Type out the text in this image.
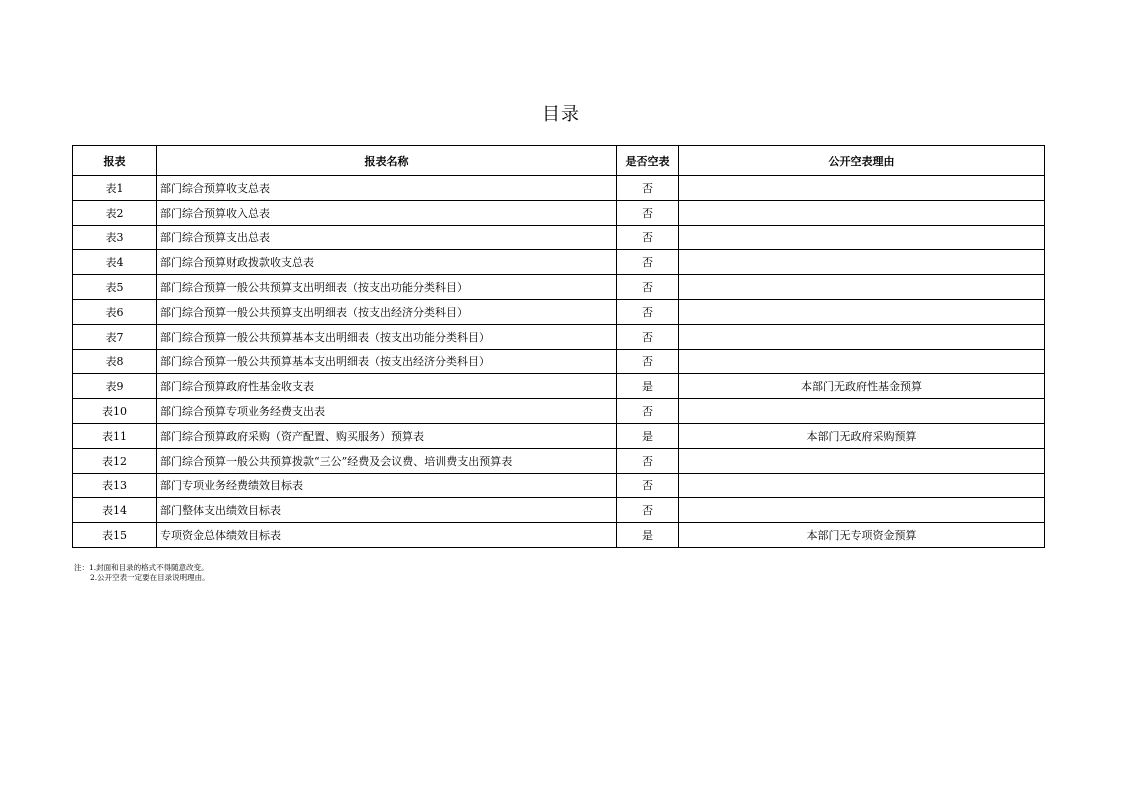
目录
报表	报表名称	是否空表	公开空表理由
表1	部门综合预算收支总表	否	
表2	部门综合预算收入总表	否	
表3	部门综合预算支出总表	否	
表4	部门综合预算财政拨款收支总表	否	
表5	部门综合预算一般公共预算支出明细表（按支出功能分类科目）	否	
表6	部门综合预算一般公共预算支出明细表（按支出经济分类科目）	否	
表7	部门综合预算一般公共预算基本支出明细表（按支出功能分类科目）	否	
表8	部门综合预算一般公共预算基本支出明细表（按支出经济分类科目）	否	
表9	部门综合预算政府性基金收支表	是	本部门无政府性基金预算
表10	部门综合预算专项业务经费支出表	否	
表11	部门综合预算政府采购（资产配置、购买服务）预算表	是	本部门无政府采购预算
表12	部门综合预算一般公共预算拨款“三公”经费及会议费、培训费支出预算表	否	
表13	部门专项业务经费绩效目标表	否	
表14	部门整体支出绩效目标表	否	
表15	专项资金总体绩效目标表	是	本部门无专项资金预算
注：1.封面和目录的格式不得随意改变。
2.公开空表一定要在目录说明理由。
